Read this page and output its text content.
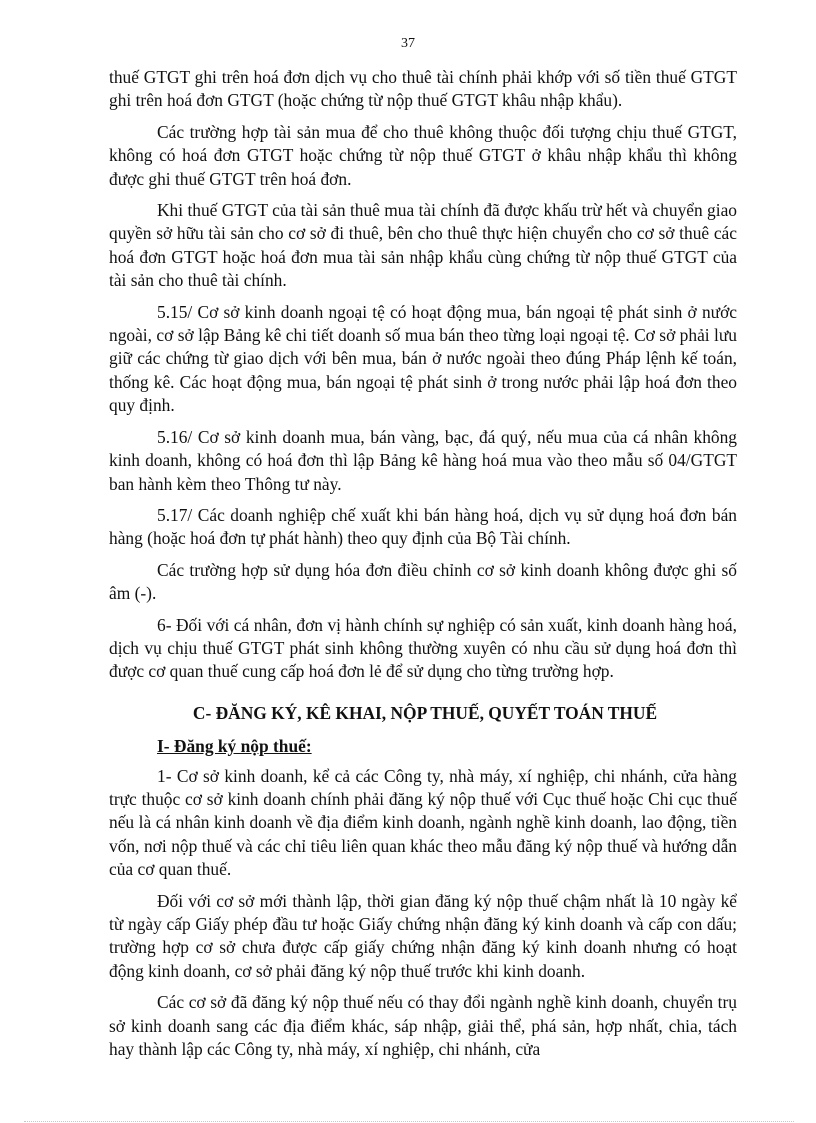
37

thuế GTGT ghi trên hoá đơn dịch vụ cho thuê tài chính phải khớp với số tiền thuế GTGT ghi trên hoá đơn GTGT (hoặc chứng từ nộp thuế GTGT khâu nhập khẩu).

Các trường hợp tài sản mua để cho thuê không thuộc đối tượng chịu thuế GTGT, không có hoá đơn GTGT hoặc chứng từ nộp thuế GTGT ở khâu nhập khẩu thì không được ghi thuế GTGT trên hoá đơn.

Khi thuế GTGT của tài sản thuê mua tài chính đã được khấu trừ hết và chuyển giao quyền sở hữu tài sản cho cơ sở đi thuê, bên cho thuê thực hiện chuyển cho cơ sở thuê các hoá đơn GTGT hoặc hoá đơn mua tài sản nhập khẩu cùng chứng từ nộp thuế GTGT của tài sản cho thuê tài chính.

5.15/ Cơ sở kinh doanh ngoại tệ có hoạt động mua, bán ngoại tệ phát sinh ở nước ngoài, cơ sở lập Bảng kê chi tiết doanh số mua bán theo từng loại ngoại tệ. Cơ sở phải lưu giữ các chứng từ giao dịch với bên mua, bán ở nước ngoài theo đúng Pháp lệnh kế toán, thống kê. Các hoạt động mua, bán ngoại tệ phát sinh ở trong nước phải lập hoá đơn theo quy định.

5.16/ Cơ sở kinh doanh mua, bán vàng, bạc, đá quý, nếu mua của cá nhân không kinh doanh, không có hoá đơn thì lập Bảng kê hàng hoá mua vào theo mẫu số 04/GTGT ban hành kèm theo Thông tư này.

5.17/ Các doanh nghiệp chế xuất khi bán hàng hoá, dịch vụ sử dụng hoá đơn bán hàng (hoặc hoá đơn tự phát hành) theo quy định của Bộ Tài chính.

Các trường hợp sử dụng hóa đơn điều chỉnh cơ sở kinh doanh không được ghi số âm (-).

6- Đối với cá nhân, đơn vị hành chính sự nghiệp có sản xuất, kinh doanh hàng hoá, dịch vụ chịu thuế GTGT phát sinh không thường xuyên có nhu cầu sử dụng hoá đơn thì được cơ quan thuế cung cấp hoá đơn lẻ để sử dụng cho từng trường hợp.

C- ĐĂNG KÝ, KÊ KHAI, NỘP THUẾ, QUYẾT TOÁN THUẾ
I- Đăng ký nộp thuế:

1- Cơ sở kinh doanh, kể cả các Công ty, nhà máy, xí nghiệp, chi nhánh, cửa hàng trực thuộc cơ sở kinh doanh chính phải đăng ký nộp thuế với Cục thuế hoặc Chi cục thuế nếu là cá nhân kinh doanh về địa điểm kinh doanh, ngành nghề kinh doanh, lao động, tiền vốn, nơi nộp thuế và các chỉ tiêu liên quan khác theo mẫu đăng ký nộp thuế và hướng dẫn của cơ quan thuế.

Đối với cơ sở mới thành lập, thời gian đăng ký nộp thuế chậm nhất là 10 ngày kể từ ngày cấp Giấy phép đầu tư hoặc Giấy chứng nhận đăng ký kinh doanh và cấp con dấu; trường hợp cơ sở chưa được cấp giấy chứng nhận đăng ký kinh doanh nhưng có hoạt động kinh doanh, cơ sở phải đăng ký nộp thuế trước khi kinh doanh.

Các cơ sở đã đăng ký nộp thuế nếu có thay đổi ngành nghề kinh doanh, chuyển trụ sở kinh doanh sang các địa điểm khác, sáp nhập, giải thể, phá sản, hợp nhất, chia, tách hay thành lập các Công ty, nhà máy, xí nghiệp, chi nhánh, cửa
